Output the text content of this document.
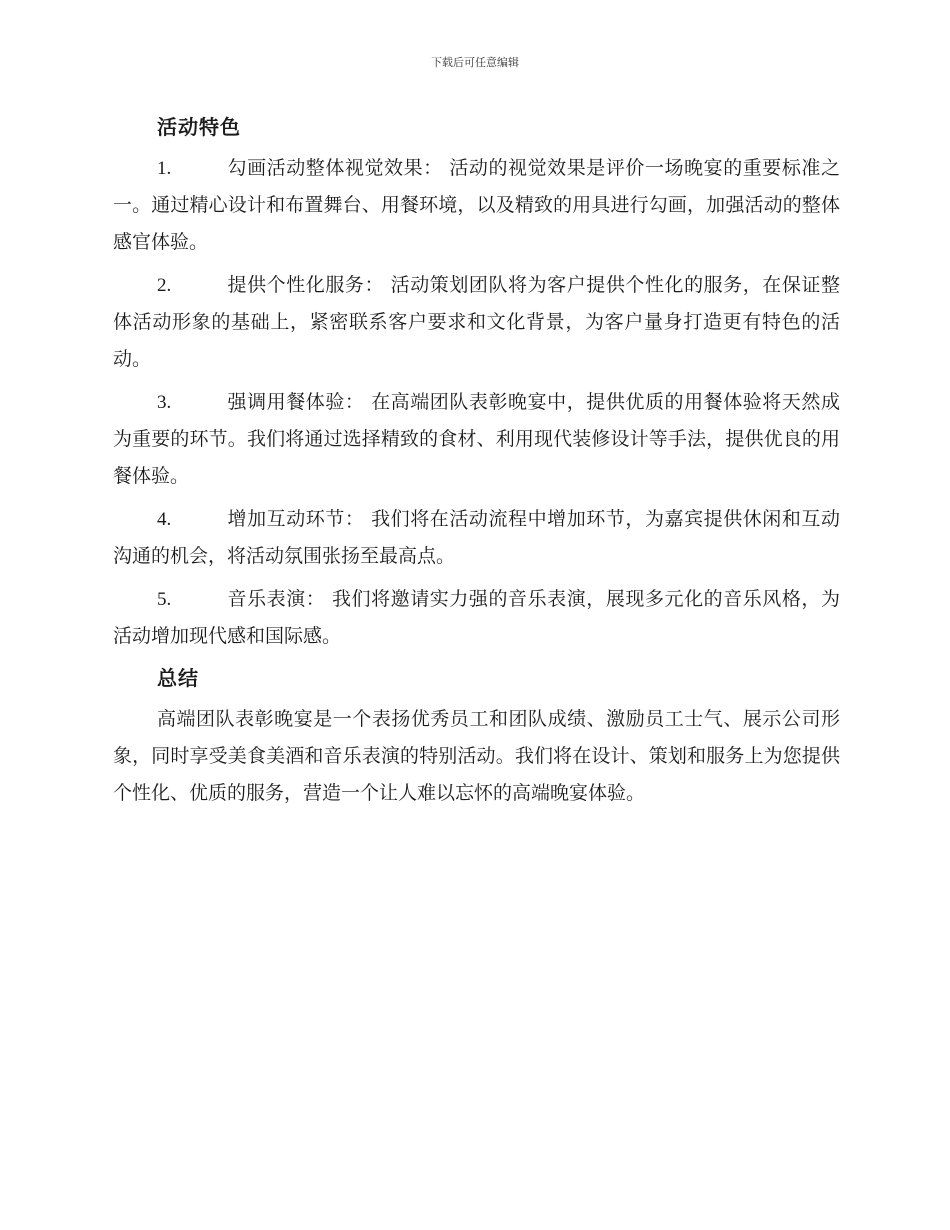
下载后可任意编辑
活动特色
1.	勾画活动整体视觉效果： 活动的视觉效果是评价一场晚宴的重要标准之一。通过精心设计和布置舞台、用餐环境，以及精致的用具进行勾画，加强活动的整体感官体验。
2.	提供个性化服务： 活动策划团队将为客户提供个性化的服务，在保证整体活动形象的基础上，紧密联系客户要求和文化背景，为客户量身打造更有特色的活动。
3.	强调用餐体验： 在高端团队表彰晚宴中，提供优质的用餐体验将天然成为重要的环节。我们将通过选择精致的食材、利用现代装修设计等手法，提供优良的用餐体验。
4.	增加互动环节： 我们将在活动流程中增加环节，为嘉宾提供休闲和互动沟通的机会，将活动氛围张扬至最高点。
5.	音乐表演： 我们将邀请实力强的音乐表演，展现多元化的音乐风格，为活动增加现代感和国际感。
总结

高端团队表彰晚宴是一个表扬优秀员工和团队成绩、激励员工士气、展示公司形象，同时享受美食美酒和音乐表演的特别活动。我们将在设计、策划和服务上为您提供个性化、优质的服务，营造一个让人难以忘怀的高端晚宴体验。
